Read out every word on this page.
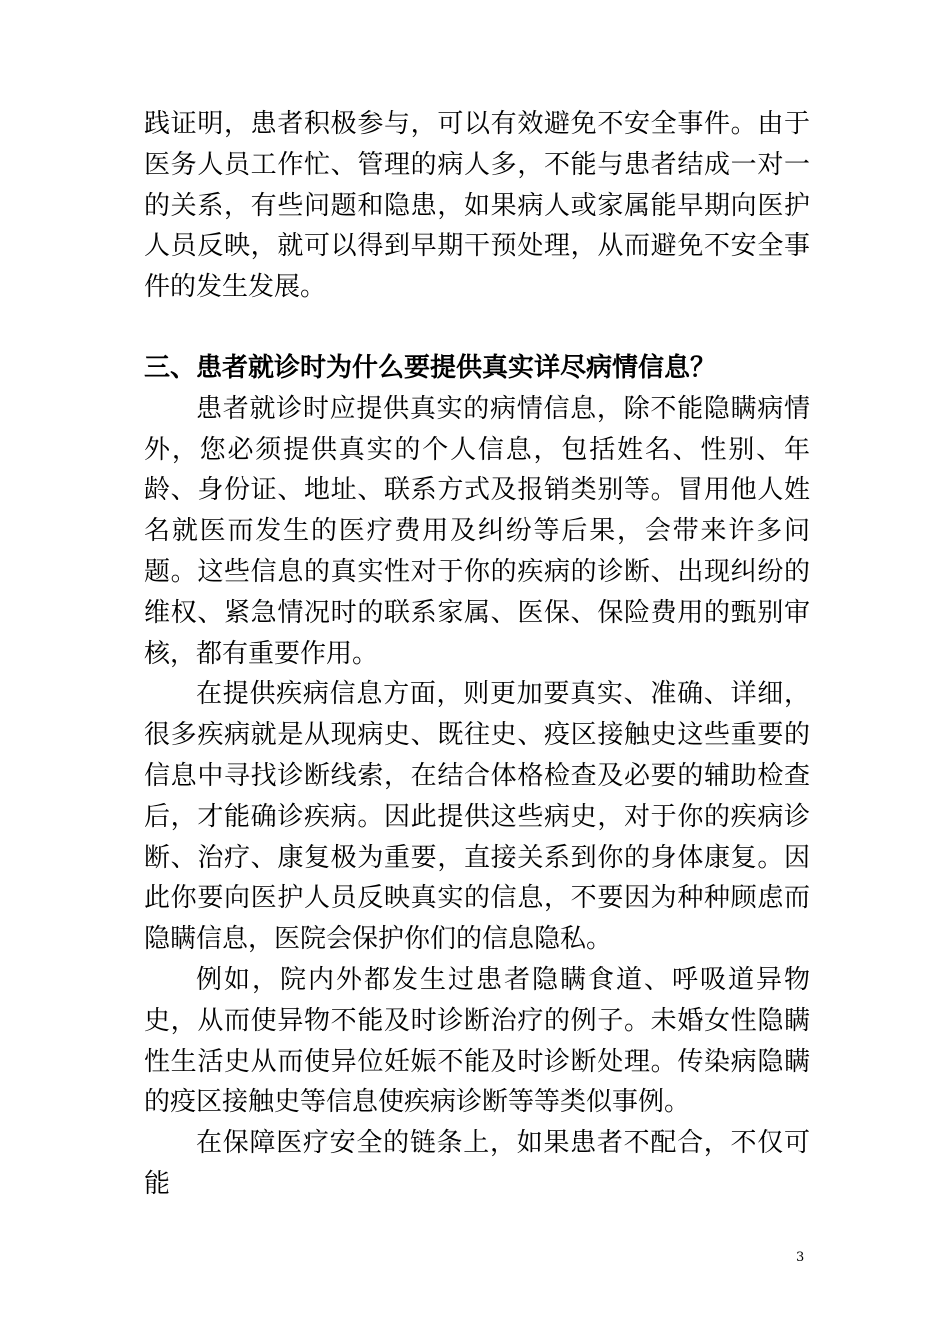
践证明，患者积极参与，可以有效避免不安全事件。由于医务人员工作忙、管理的病人多，不能与患者结成一对一的关系，有些问题和隐患，如果病人或家属能早期向医护人员反映，就可以得到早期干预处理，从而避免不安全事件的发生发展。

三、患者就诊时为什么要提供真实详尽病情信息？

患者就诊时应提供真实的病情信息，除不能隐瞒病情外，您必须提供真实的个人信息，包括姓名、性别、年龄、身份证、地址、联系方式及报销类别等。冒用他人姓名就医而发生的医疗费用及纠纷等后果，会带来许多问题。这些信息的真实性对于你的疾病的诊断、出现纠纷的维权、紧急情况时的联系家属、医保、保险费用的甄别审核，都有重要作用。

在提供疾病信息方面，则更加要真实、准确、详细，很多疾病就是从现病史、既往史、疫区接触史这些重要的信息中寻找诊断线索，在结合体格检查及必要的辅助检查后，才能确诊疾病。因此提供这些病史，对于你的疾病诊断、治疗、康复极为重要，直接关系到你的身体康复。因此你要向医护人员反映真实的信息，不要因为种种顾虑而隐瞒信息，医院会保护你们的信息隐私。

例如，院内外都发生过患者隐瞒食道、呼吸道异物史，从而使异物不能及时诊断治疗的例子。未婚女性隐瞒性生活史从而使异位妊娠不能及时诊断处理。传染病隐瞒的疫区接触史等信息使疾病诊断等等类似事例。

在保障医疗安全的链条上，如果患者不配合，不仅可能

3
